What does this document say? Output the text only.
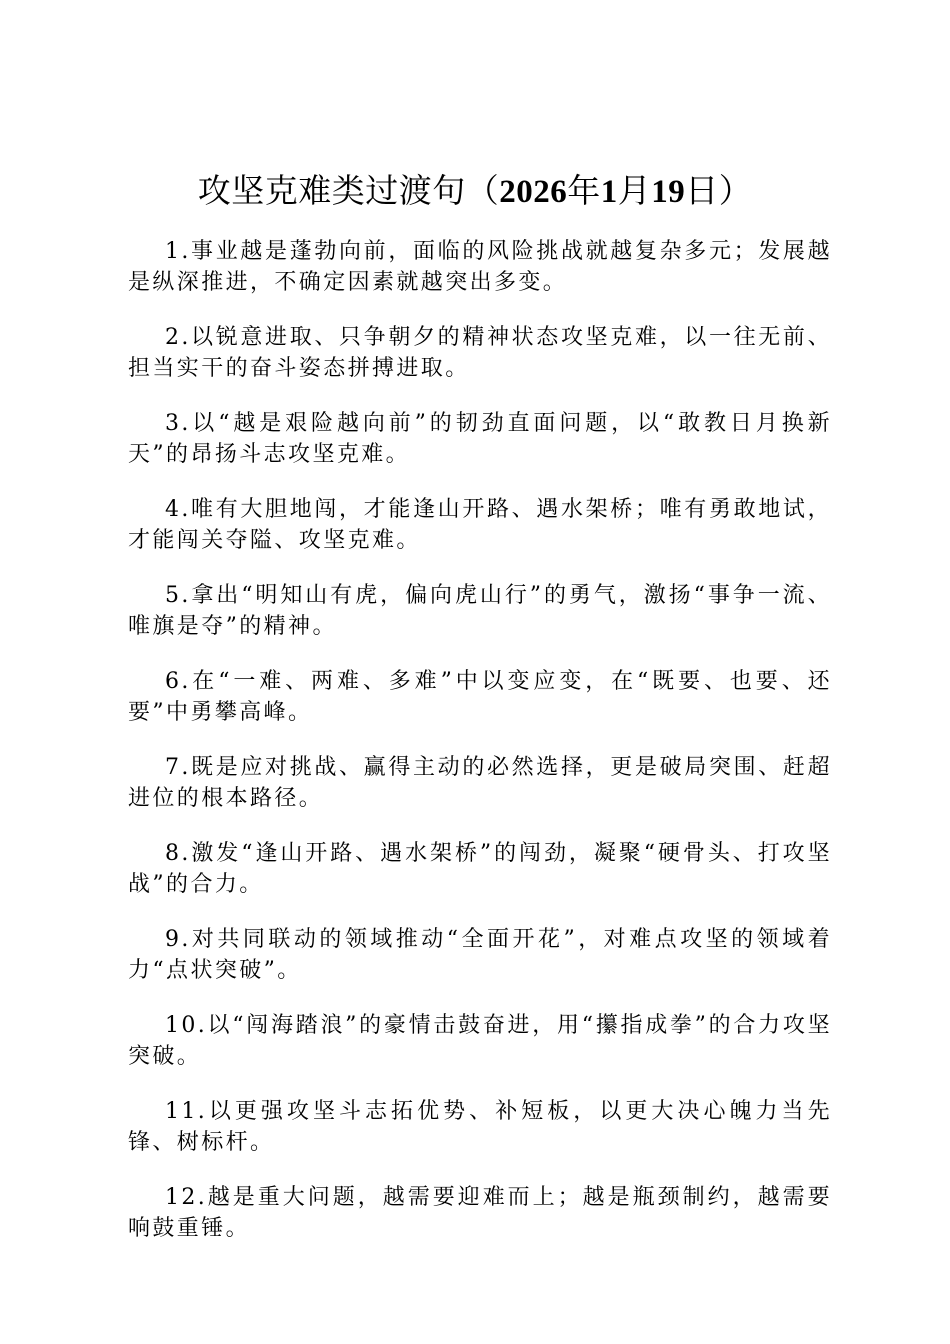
攻坚克难类过渡句（2026年1月19日）

1.事业越是蓬勃向前，面临的风险挑战就越复杂多元；发展越是纵深推进，不确定因素就越突出多变。

2.以锐意进取、只争朝夕的精神状态攻坚克难，以一往无前、担当实干的奋斗姿态拼搏进取。

3.以“越是艰险越向前”的韧劲直面问题，以“敢教日月换新天”的昂扬斗志攻坚克难。

4.唯有大胆地闯，才能逢山开路、遇水架桥；唯有勇敢地试，才能闯关夺隘、攻坚克难。

5.拿出“明知山有虎，偏向虎山行”的勇气，激扬“事争一流、唯旗是夺”的精神。

6.在“一难、两难、多难”中以变应变，在“既要、也要、还要”中勇攀高峰。

7.既是应对挑战、赢得主动的必然选择，更是破局突围、赶超进位的根本路径。

8.激发“逢山开路、遇水架桥”的闯劲，凝聚“硬骨头、打攻坚战”的合力。

9.对共同联动的领域推动“全面开花”，对难点攻坚的领域着力“点状突破”。

10.以“闯海踏浪”的豪情击鼓奋进，用“攥指成拳”的合力攻坚突破。

11.以更强攻坚斗志拓优势、补短板，以更大决心魄力当先锋、树标杆。

12.越是重大问题，越需要迎难而上；越是瓶颈制约，越需要响鼓重锤。
